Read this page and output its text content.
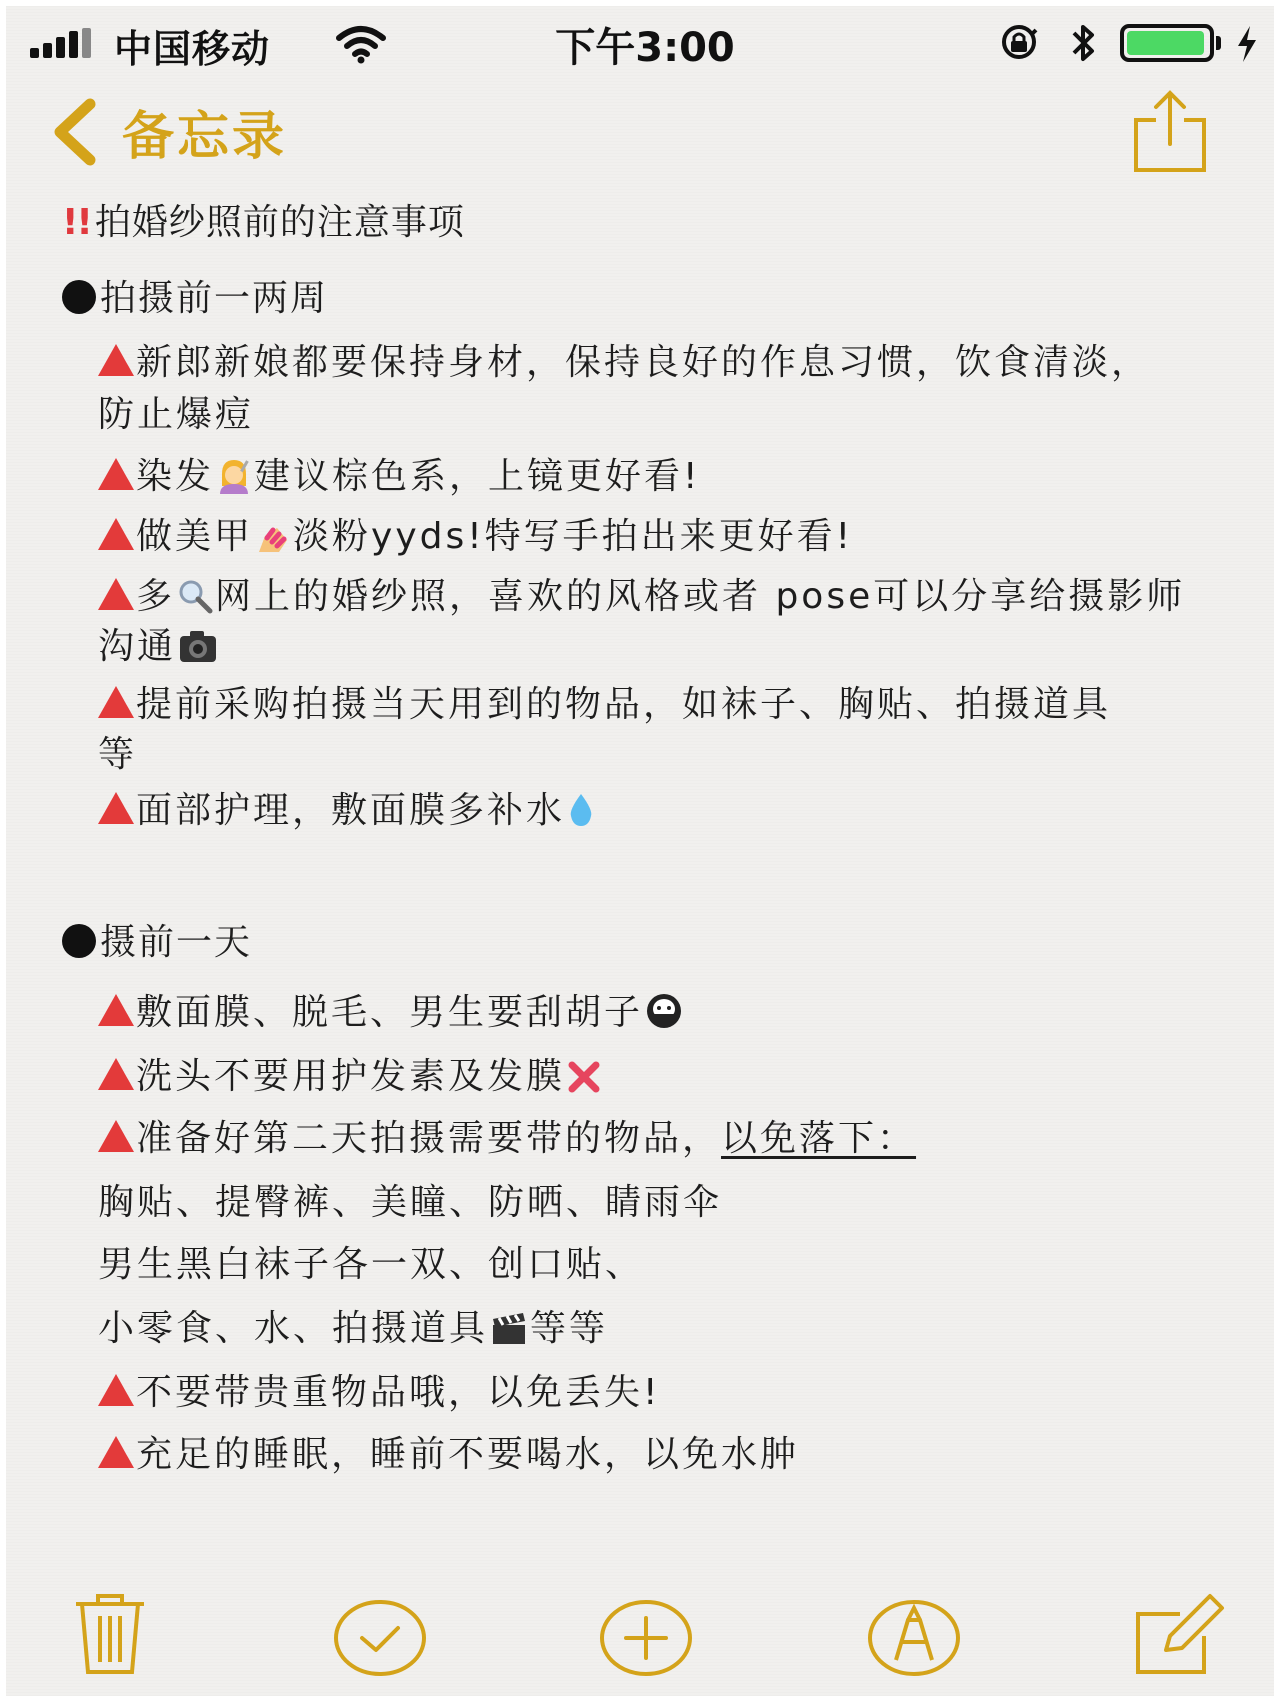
中国移动	下午3:00
备忘录
!! 拍婚纱照前的注意事项
拍摄前一两周
新郎新娘都要保持身材，保持良好的作息习惯，饮食清淡，
防止爆痘
染发 建议棕色系，上镜更好看!
做美甲 淡粉yyds!特写手拍出来更好看!
多 网上的婚纱照，喜欢的风格或者 pose可以分享给摄影师
沟通
提前采购拍摄当天用到的物品，如袜子、胸贴、拍摄道具
等
面部护理，敷面膜多补水
摄前一天
敷面膜、脱毛、男生要刮胡子
洗头不要用护发素及发膜
准备好第二天拍摄需要带的物品，以免落下：
胸贴、提臀裤、美瞳、防晒、睛雨伞
男生黑白袜子各一双、创口贴、
小零食、水、拍摄道具 等等
不要带贵重物品哦，以免丢失!
充足的睡眠，睡前不要喝水，以免水肿
